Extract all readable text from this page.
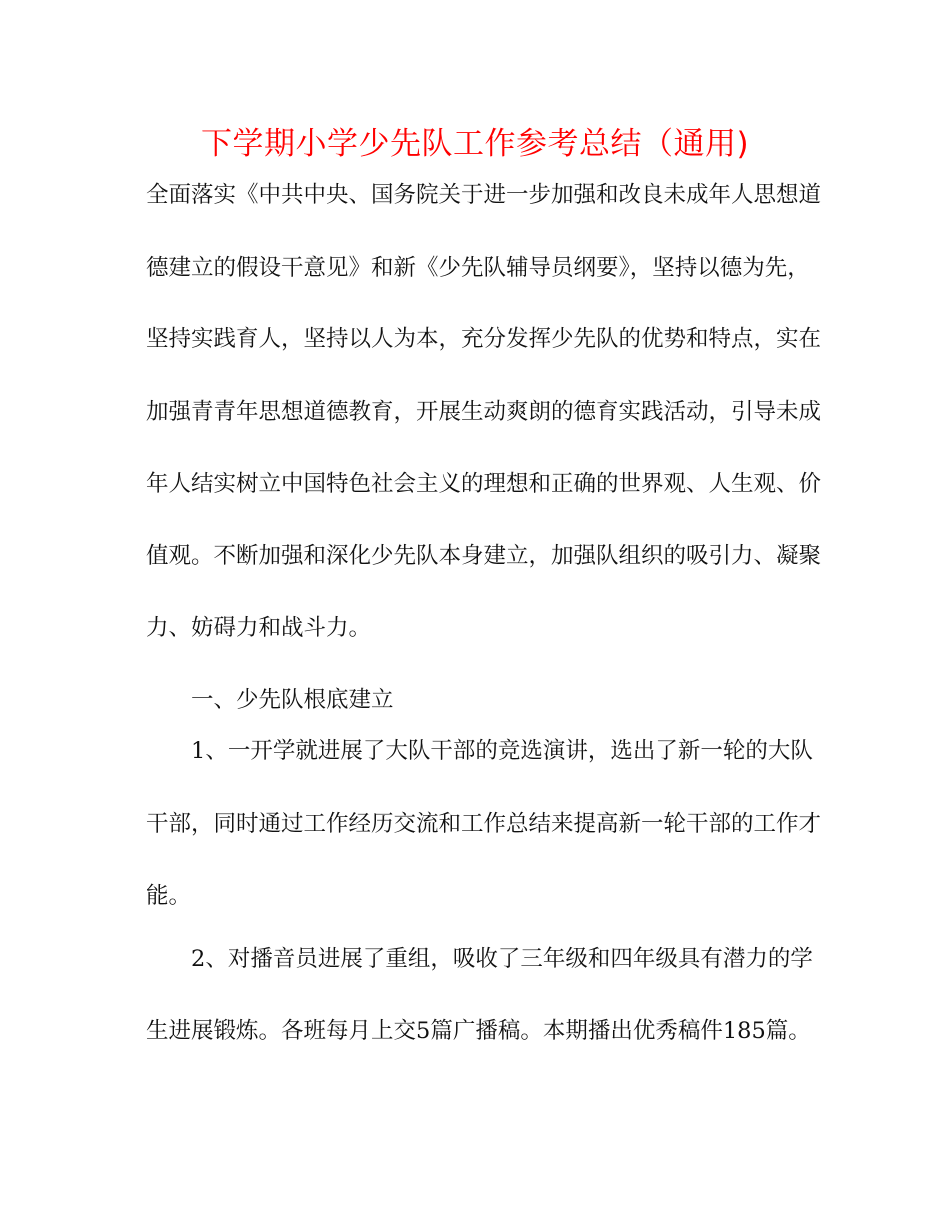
下学期小学少先队工作参考总结（通用)

全面落实《中共中央、国务院关于进一步加强和改良未成年人思想道

德建立的假设干意见》和新《少先队辅导员纲要》，坚持以德为先，

坚持实践育人，坚持以人为本，充分发挥少先队的优势和特点，实在

加强青青年思想道德教育，开展生动爽朗的德育实践活动，引导未成

年人结实树立中国特色社会主义的理想和正确的世界观、人生观、价

值观。不断加强和深化少先队本身建立，加强队组织的吸引力、凝聚

力、妨碍力和战斗力。

一、少先队根底建立

1、一开学就进展了大队干部的竞选演讲，选出了新一轮的大队

干部，同时通过工作经历交流和工作总结来提高新一轮干部的工作才

能。

2、对播音员进展了重组，吸收了三年级和四年级具有潜力的学

生进展锻炼。各班每月上交5篇广播稿。本期播出优秀稿件185篇。
